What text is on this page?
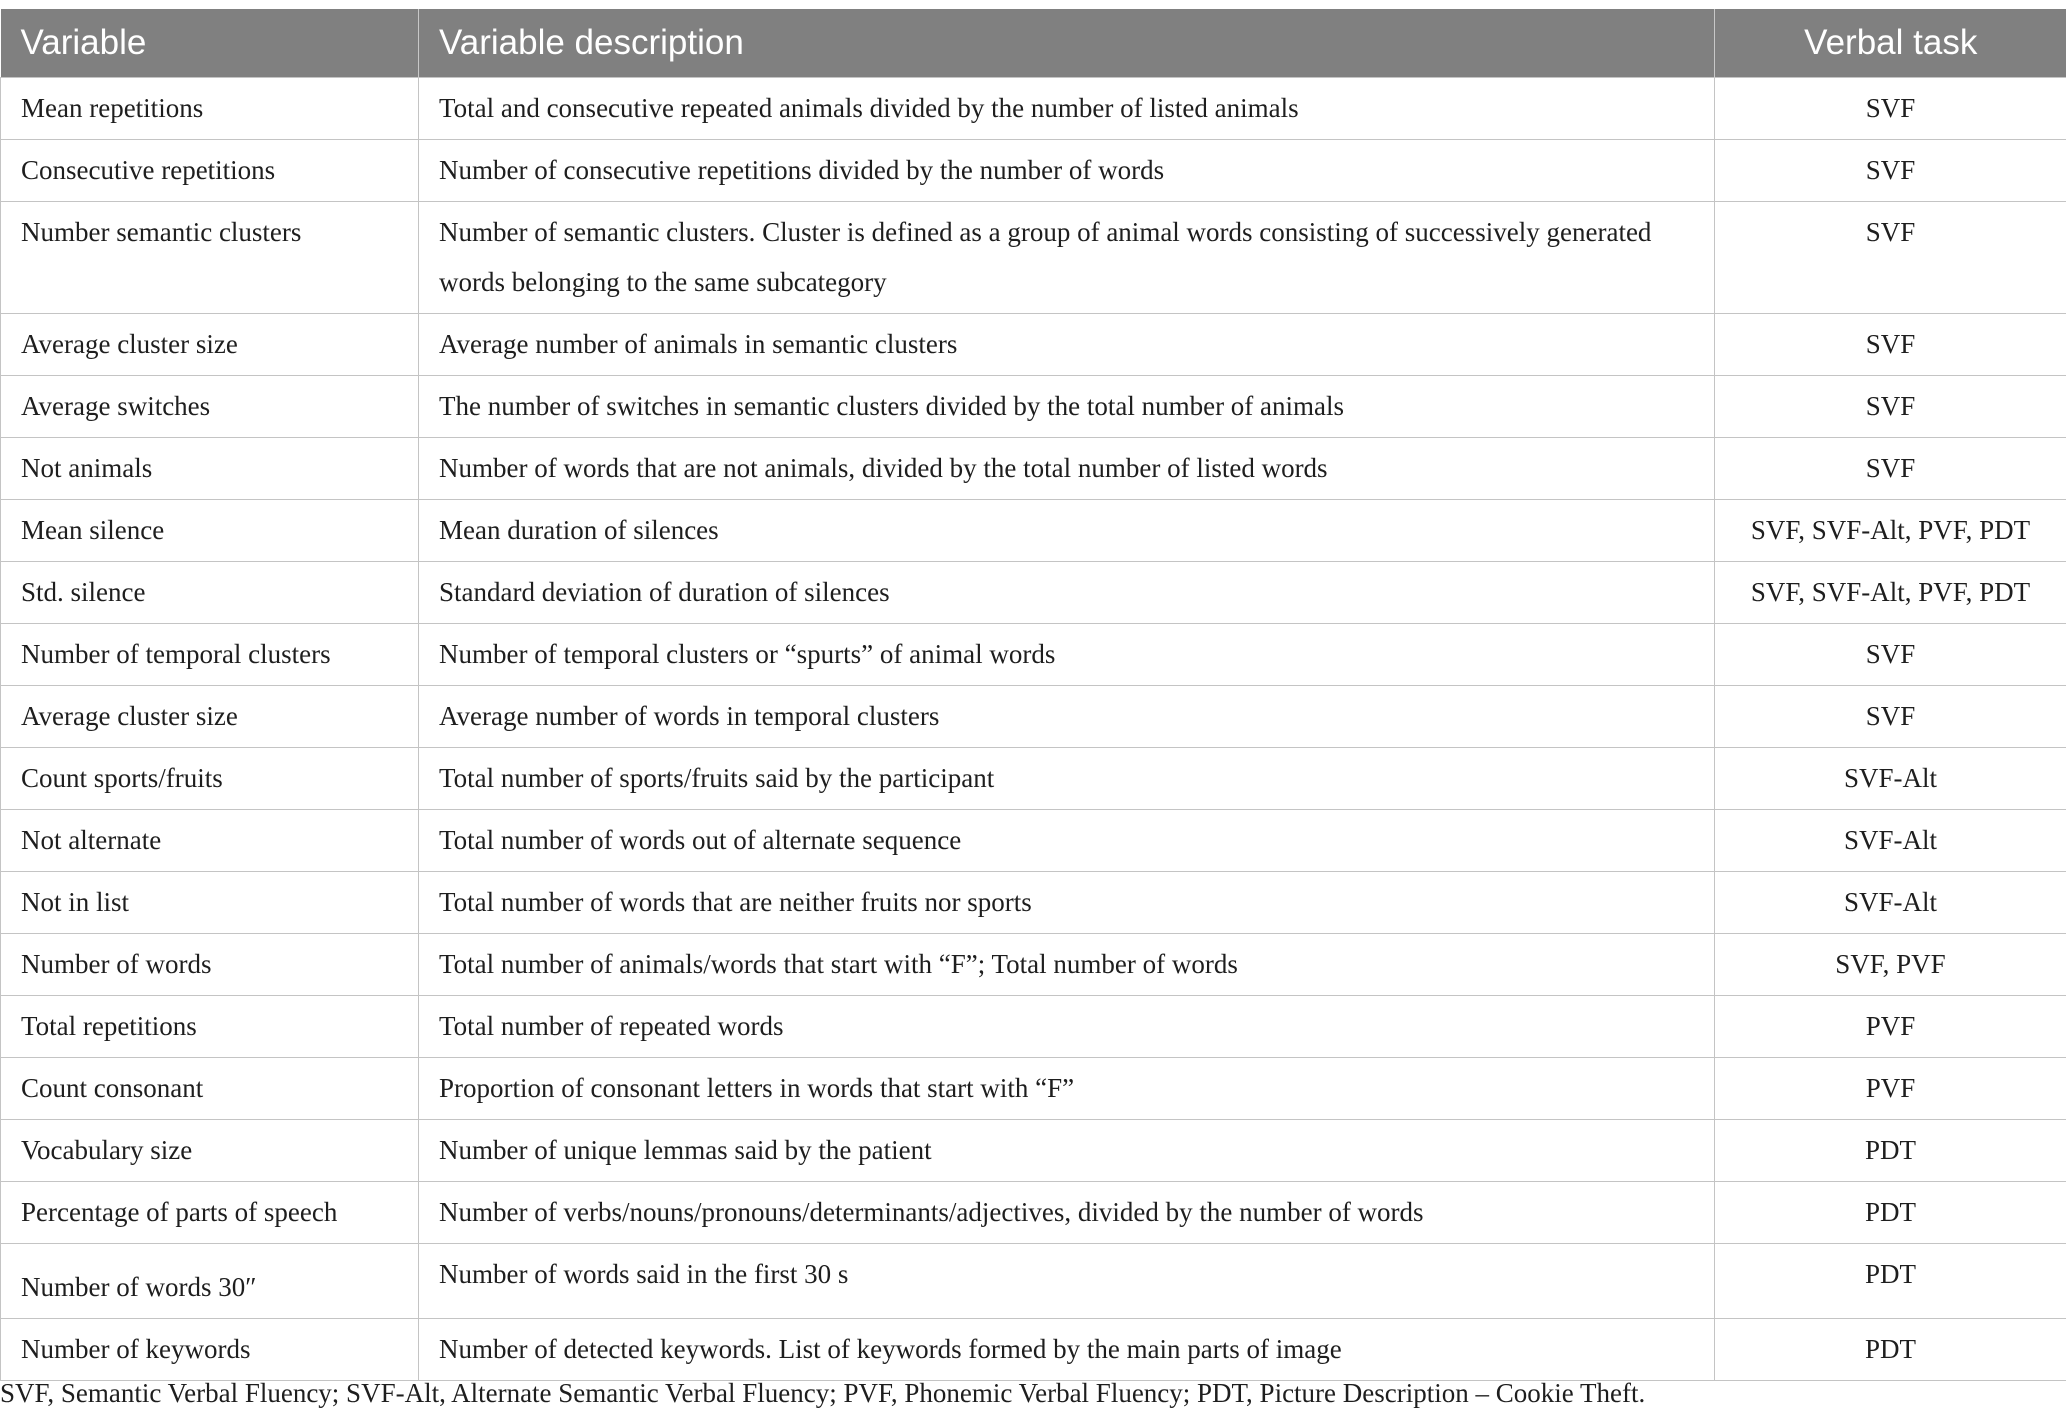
Variable	Variable description	Verbal task
Mean repetitions	Total and consecutive repeated animals divided by the number of listed animals	SVF
Consecutive repetitions	Number of consecutive repetitions divided by the number of words	SVF
Number semantic clusters	Number of semantic clusters. Cluster is defined as a group of animal words consisting of successively generated words belonging to the same subcategory	SVF
Average cluster size	Average number of animals in semantic clusters	SVF
Average switches	The number of switches in semantic clusters divided by the total number of animals	SVF
Not animals	Number of words that are not animals, divided by the total number of listed words	SVF
Mean silence	Mean duration of silences	SVF, SVF-Alt, PVF, PDT
Std. silence	Standard deviation of duration of silences	SVF, SVF-Alt, PVF, PDT
Number of temporal clusters	Number of temporal clusters or “spurts” of animal words	SVF
Average cluster size	Average number of words in temporal clusters	SVF
Count sports/fruits	Total number of sports/fruits said by the participant	SVF-Alt
Not alternate	Total number of words out of alternate sequence	SVF-Alt
Not in list	Total number of words that are neither fruits nor sports	SVF-Alt
Number of words	Total number of animals/words that start with “F”; Total number of words	SVF, PVF
Total repetitions	Total number of repeated words	PVF
Count consonant	Proportion of consonant letters in words that start with “F”	PVF
Vocabulary size	Number of unique lemmas said by the patient	PDT
Percentage of parts of speech	Number of verbs/nouns/pronouns/determinants/adjectives, divided by the number of words	PDT
Number of words 30″	Number of words said in the first 30 s	PDT
Number of keywords	Number of detected keywords. List of keywords formed by the main parts of image	PDT
SVF, Semantic Verbal Fluency; SVF-Alt, Alternate Semantic Verbal Fluency; PVF, Phonemic Verbal Fluency; PDT, Picture Description – Cookie Theft.
